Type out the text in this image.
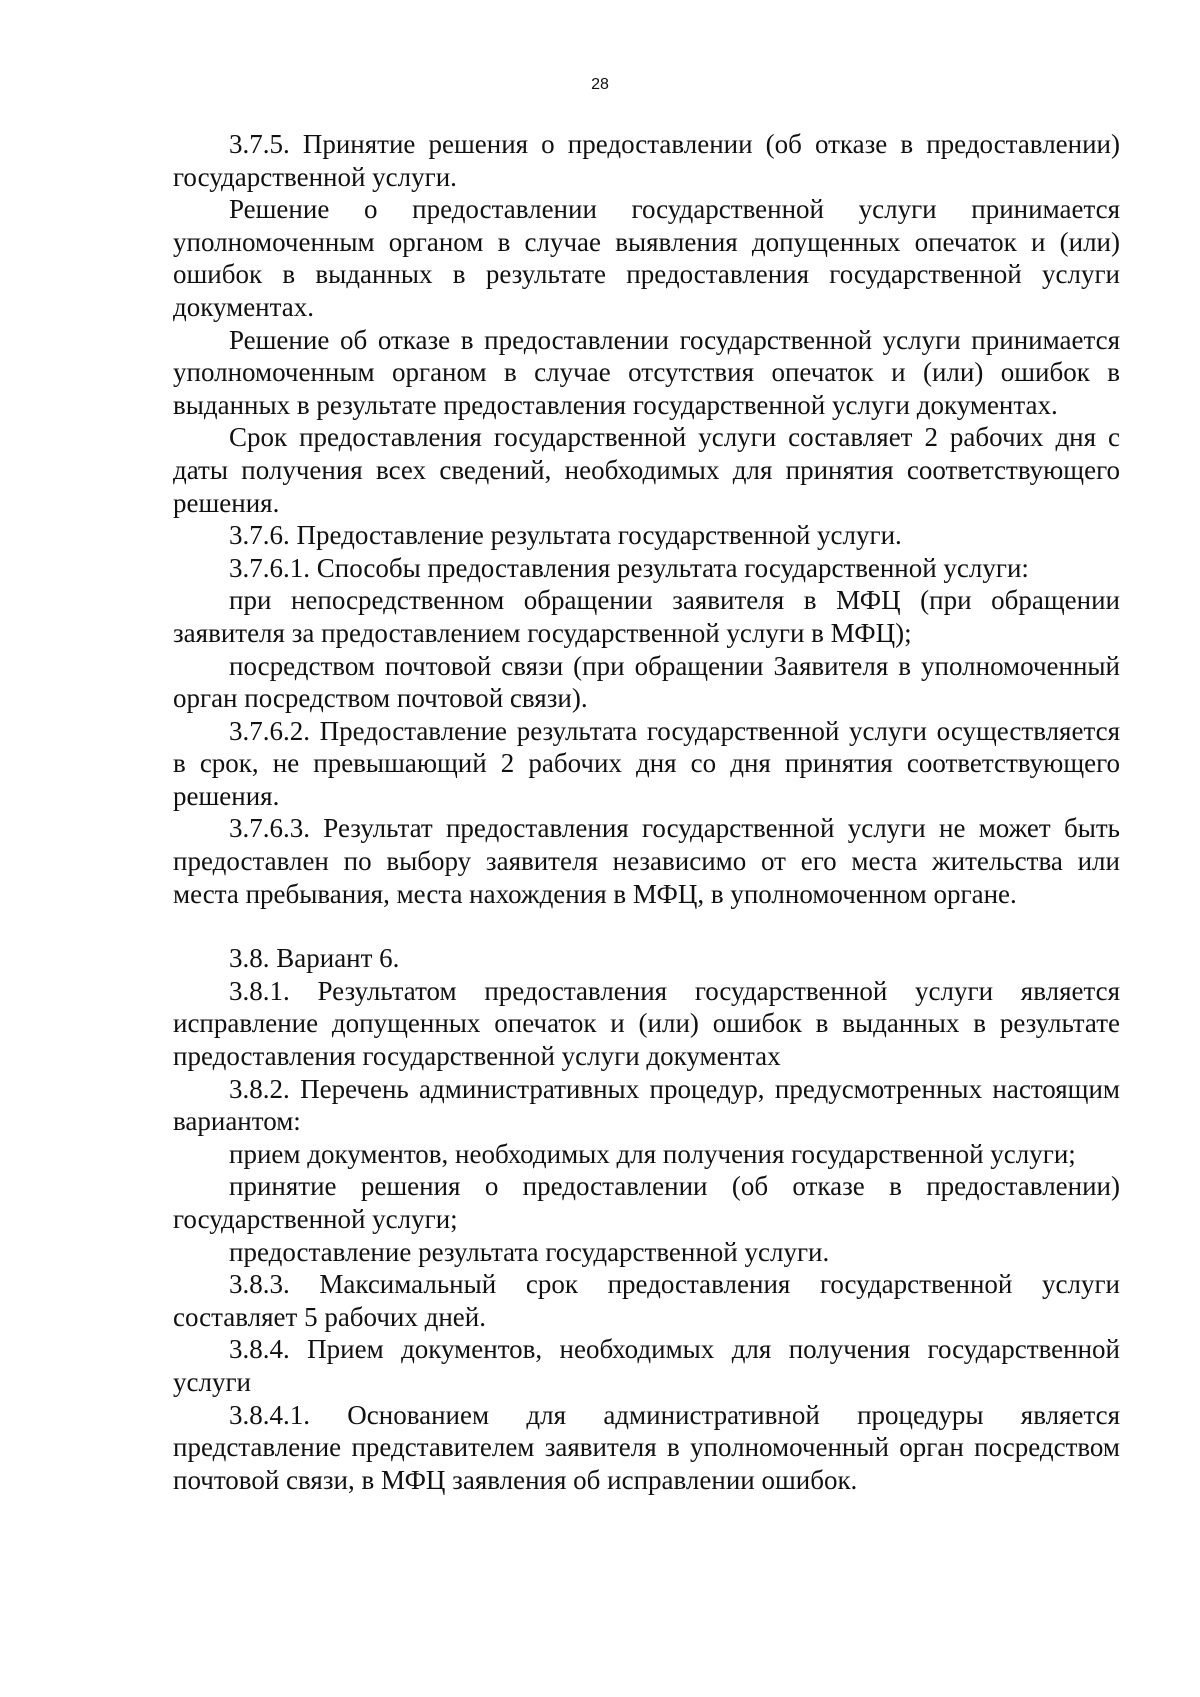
28

3.7.5. Принятие решения о предоставлении (об отказе в предоставлении) государственной услуги.

Решение о предоставлении государственной услуги принимается уполномоченным органом в случае выявления допущенных опечаток и (или) ошибок в выданных в результате предоставления государственной услуги документах.

Решение об отказе в предоставлении государственной услуги принимается уполномоченным органом в случае отсутствия опечаток и (или) ошибок в выданных в результате предоставления государственной услуги документах.

Срок предоставления государственной услуги составляет 2 рабочих дня с даты получения всех сведений, необходимых для принятия соответствующего решения.

3.7.6. Предоставление результата государственной услуги.

3.7.6.1. Способы предоставления результата государственной услуги:

при непосредственном обращении заявителя в МФЦ (при обращении заявителя за предоставлением государственной услуги в МФЦ);

посредством почтовой связи (при обращении Заявителя в уполномоченный орган посредством почтовой связи).

3.7.6.2. Предоставление результата государственной услуги осуществляется в срок, не превышающий 2 рабочих дня со дня принятия соответствующего решения.

3.7.6.3. Результат предоставления государственной услуги не может быть предоставлен по выбору заявителя независимо от его места жительства или места пребывания, места нахождения в МФЦ, в уполномоченном органе.

3.8. Вариант 6.

3.8.1. Результатом предоставления государственной услуги является исправление допущенных опечаток и (или) ошибок в выданных в результате предоставления государственной услуги документах

3.8.2. Перечень административных процедур, предусмотренных настоящим вариантом:

прием документов, необходимых для получения государственной услуги;

принятие решения о предоставлении (об отказе в предоставлении) государственной услуги;

предоставление результата государственной услуги.

3.8.3. Максимальный срок предоставления государственной услуги составляет 5 рабочих дней.

3.8.4. Прием документов, необходимых для получения государственной услуги

3.8.4.1. Основанием для административной процедуры является представление представителем заявителя в уполномоченный орган посредством почтовой связи, в МФЦ заявления об исправлении ошибок.
